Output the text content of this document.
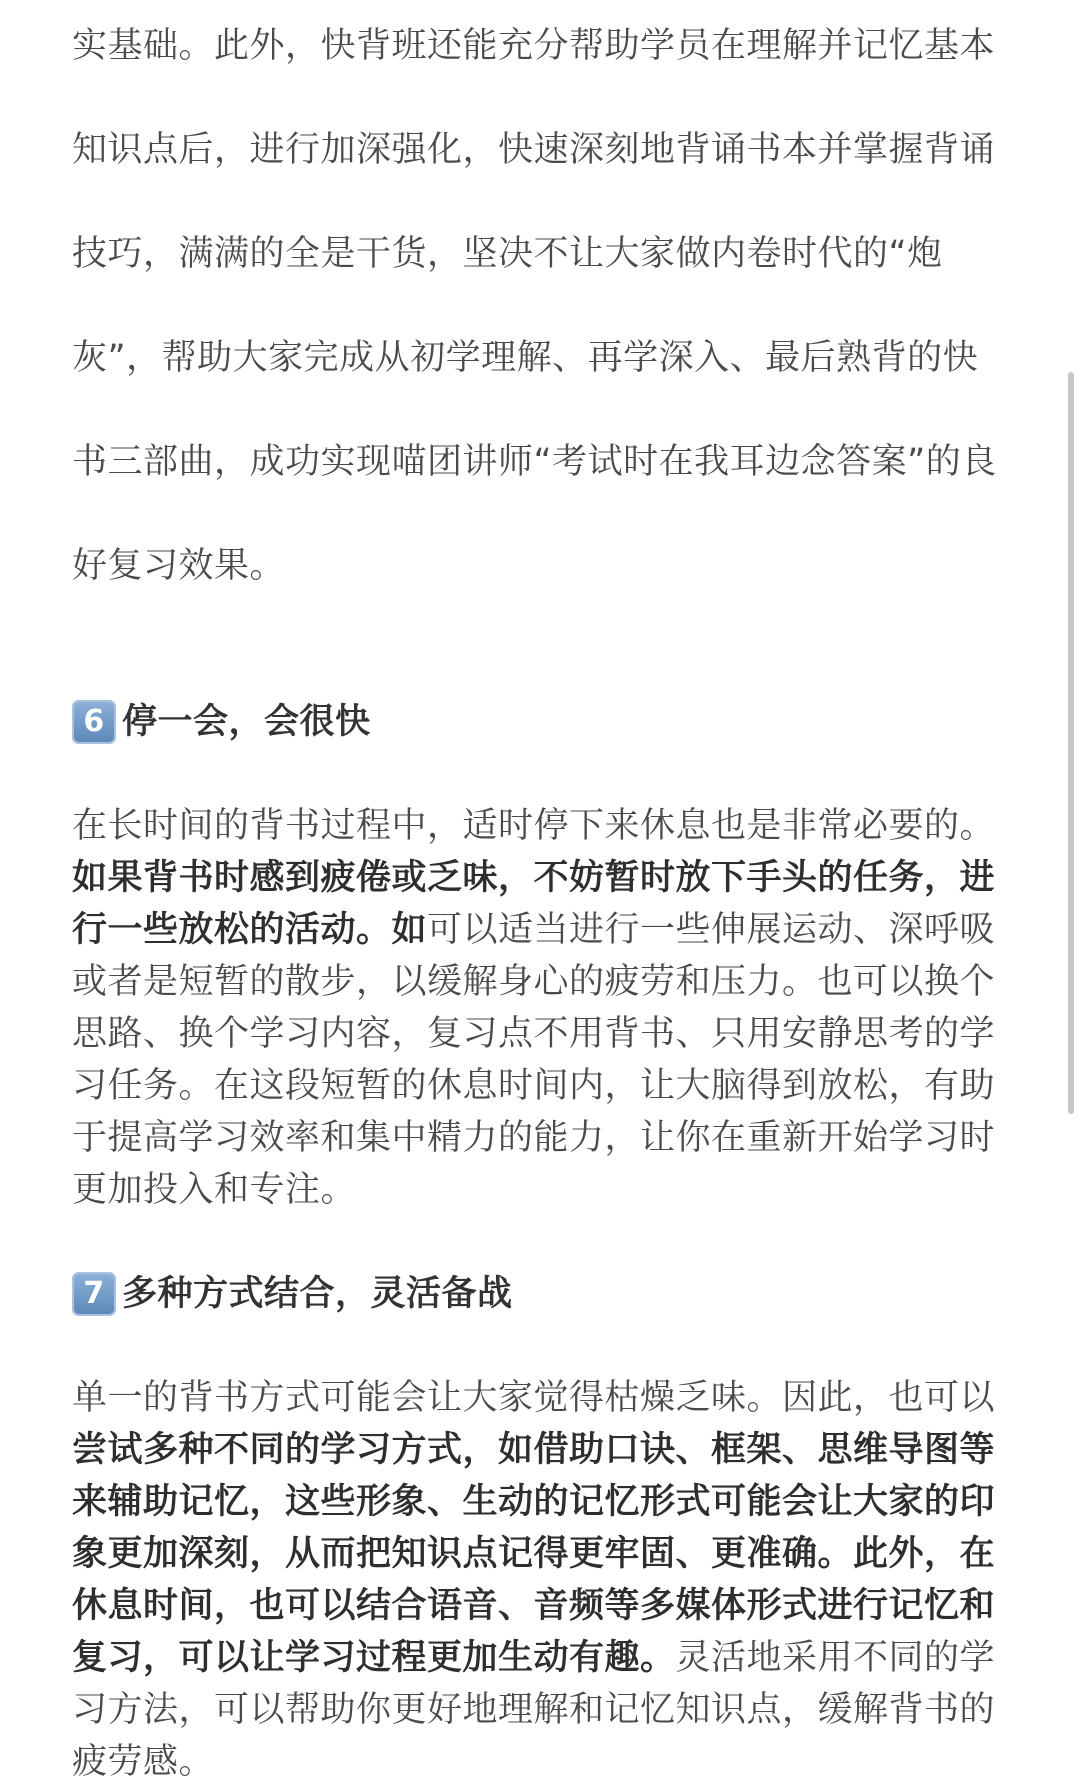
实基础。此外，快背班还能充分帮助学员在理解并记忆基本

知识点后，进行加深强化，快速深刻地背诵书本并掌握背诵

技巧，满满的全是干货，坚决不让大家做内卷时代的“炮

灰”，帮助大家完成从初学理解、再学深入、最后熟背的快

书三部曲，成功实现喵团讲师“考试时在我耳边念答案”的良

好复习效果。

6 停一会，会很快

在长时间的背书过程中，适时停下来休息也是非常必要的。
如果背书时感到疲倦或乏味，不妨暂时放下手头的任务，进行一些放松的活动。如可以适当进行一些伸展运动、深呼吸或者是短暂的散步，以缓解身心的疲劳和压力。也可以换个思路、换个学习内容，复习点不用背书、只用安静思考的学习任务。在这段短暂的休息时间内，让大脑得到放松，有助于提高学习效率和集中精力的能力，让你在重新开始学习时更加投入和专注。

7 多种方式结合，灵活备战

单一的背书方式可能会让大家觉得枯燥乏味。因此，也可以
尝试多种不同的学习方式，如借助口诀、框架、思维导图等来辅助记忆，这些形象、生动的记忆形式可能会让大家的印象更加深刻，从而把知识点记得更牢固、更准确。此外，在休息时间，也可以结合语音、音频等多媒体形式进行记忆和复习，可以让学习过程更加生动有趣。灵活地采用不同的学习方法，可以帮助你更好地理解和记忆知识点，缓解背书的疲劳感。
